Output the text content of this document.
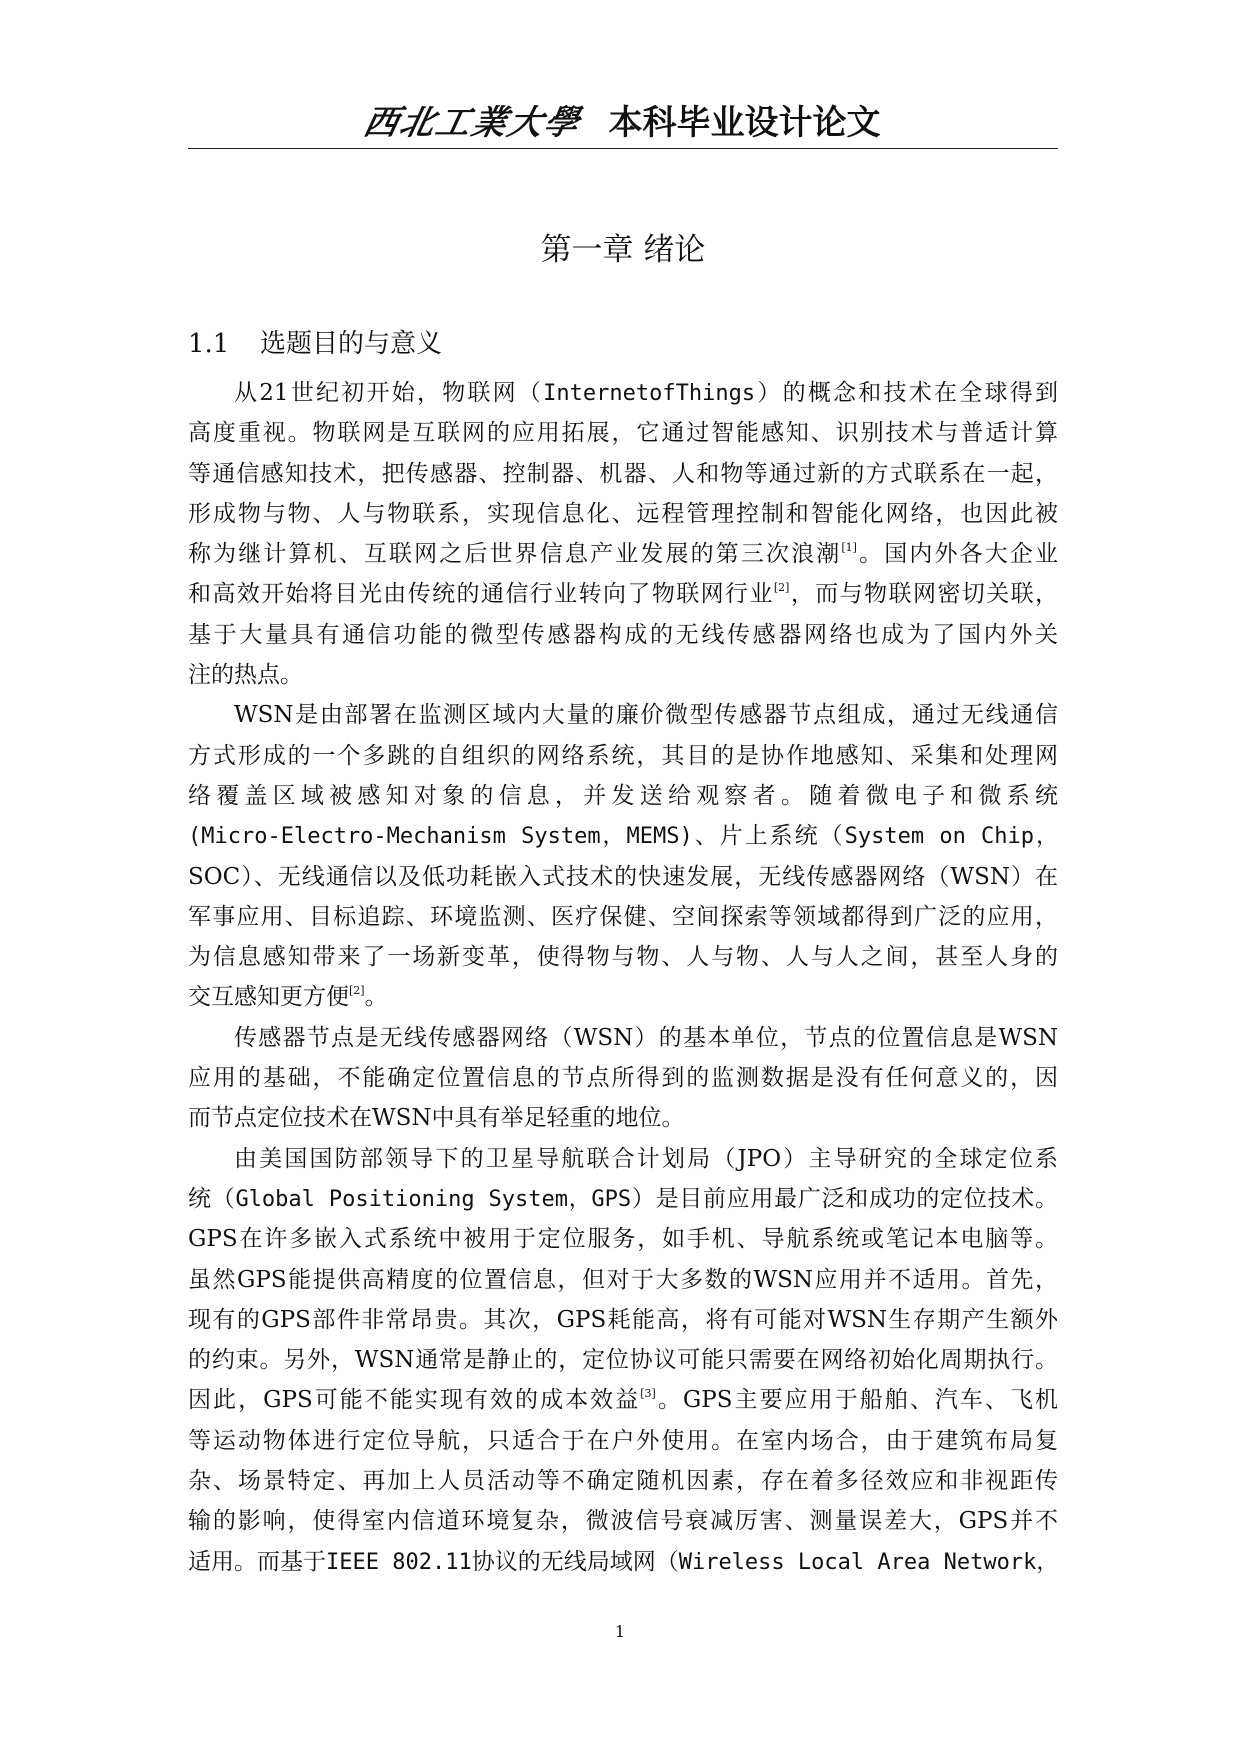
西北工業大學 本科毕业设计论文
第一章 绪论
1.1 选题目的与意义
从21世纪初开始，物联网（InternetofThings）的概念和技术在全球得到
高度重视。物联网是互联网的应用拓展，它通过智能感知、识别技术与普适计算
等通信感知技术，把传感器、控制器、机器、人和物等通过新的方式联系在一起，
形成物与物、人与物联系，实现信息化、远程管理控制和智能化网络，也因此被
称为继计算机、互联网之后世界信息产业发展的第三次浪潮[1]。国内外各大企业
和高效开始将目光由传统的通信行业转向了物联网行业[2]，而与物联网密切关联，
基于大量具有通信功能的微型传感器构成的无线传感器网络也成为了国内外关
注的热点。
WSN是由部署在监测区域内大量的廉价微型传感器节点组成，通过无线通信
方式形成的一个多跳的自组织的网络系统，其目的是协作地感知、采集和处理网
络覆盖区域被感知对象的信息，并发送给观察者。随着微电子和微系统
(Micro-Electro-Mechanism System，MEMS)、片上系统（System on Chip，
SOC）、无线通信以及低功耗嵌入式技术的快速发展，无线传感器网络（WSN）在
军事应用、目标追踪、环境监测、医疗保健、空间探索等领域都得到广泛的应用，
为信息感知带来了一场新变革，使得物与物、人与物、人与人之间，甚至人身的
交互感知更方便[2]。
传感器节点是无线传感器网络（WSN）的基本单位，节点的位置信息是WSN
应用的基础，不能确定位置信息的节点所得到的监测数据是没有任何意义的，因
而节点定位技术在WSN中具有举足轻重的地位。
由美国国防部领导下的卫星导航联合计划局（JPO）主导研究的全球定位系
统（Global Positioning System，GPS）是目前应用最广泛和成功的定位技术。
GPS在许多嵌入式系统中被用于定位服务，如手机、导航系统或笔记本电脑等。
虽然GPS能提供高精度的位置信息，但对于大多数的WSN应用并不适用。首先，
现有的GPS部件非常昂贵。其次，GPS耗能高，将有可能对WSN生存期产生额外
的约束。另外，WSN通常是静止的，定位协议可能只需要在网络初始化周期执行。
因此，GPS可能不能实现有效的成本效益[3]。GPS主要应用于船舶、汽车、飞机
等运动物体进行定位导航，只适合于在户外使用。在室内场合，由于建筑布局复
杂、场景特定、再加上人员活动等不确定随机因素，存在着多径效应和非视距传
输的影响，使得室内信道环境复杂，微波信号衰减厉害、测量误差大，GPS并不
适用。而基于IEEE 802.11协议的无线局域网（Wireless Local Area Network，
1
